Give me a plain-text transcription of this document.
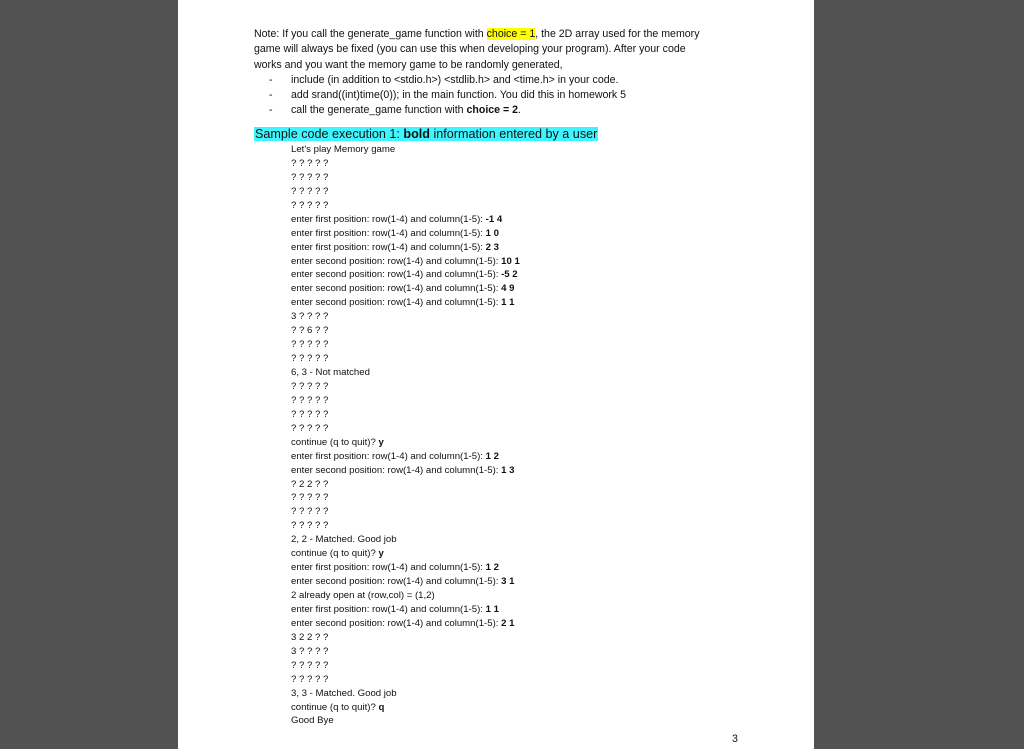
Note: If you call the generate_game function with choice = 1, the 2D array used for the memory

game will always be fixed (you can use this when developing your program). After your code

works and you want the memory game to be randomly generated,

- include (in addition to <stdio.h>) <stdlib.h> and <time.h> in your code.
- add srand((int)time(0)); in the main function. You did this in homework 5
- call the generate_game function with choice = 2.
Sample code execution 1: bold information entered by a user
Let's play Memory game
? ? ? ? ?
? ? ? ? ?
? ? ? ? ?
? ? ? ? ?
enter first position: row(1-4) and column(1-5): -1 4
enter first position: row(1-4) and column(1-5): 1 0
enter first position: row(1-4) and column(1-5): 2 3
enter second position: row(1-4) and column(1-5): 10 1
enter second position: row(1-4) and column(1-5): -5 2
enter second position: row(1-4) and column(1-5): 4 9
enter second position: row(1-4) and column(1-5): 1 1
3 ? ? ? ?
? ? 6 ? ?
? ? ? ? ?
? ? ? ? ?
6, 3 - Not matched
? ? ? ? ?
? ? ? ? ?
? ? ? ? ?
? ? ? ? ?
continue (q to quit)? y
enter first position: row(1-4) and column(1-5): 1 2
enter second position: row(1-4) and column(1-5): 1 3
? 2 2 ? ?
? ? ? ? ?
? ? ? ? ?
? ? ? ? ?
2, 2 - Matched. Good job
continue (q to quit)? y
enter first position: row(1-4) and column(1-5): 1 2
enter second position: row(1-4) and column(1-5): 3 1
2 already open at (row,col) = (1,2)
enter first position: row(1-4) and column(1-5): 1 1
enter second position: row(1-4) and column(1-5): 2 1
3 2 2 ? ?
3 ? ? ? ?
? ? ? ? ?
? ? ? ? ?
3, 3 - Matched. Good job
continue (q to quit)? q
Good Bye
3
